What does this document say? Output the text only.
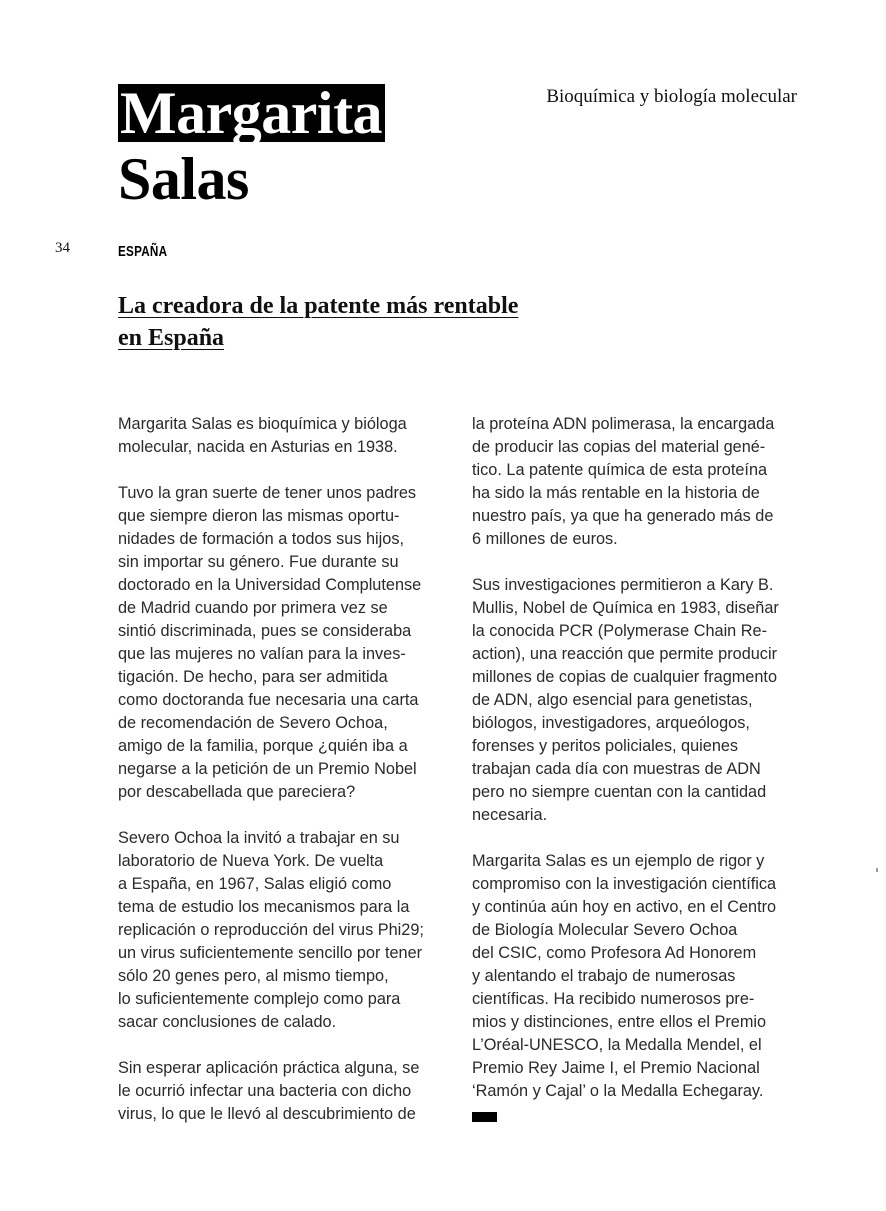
Bioquímica y biología molecular
Margarita
Salas
34	ESPAÑA
La creadora de la patente más rentable
en España

Margarita Salas es bioquímica y bióloga
molecular, nacida en Asturias en 1938.

Tuvo la gran suerte de tener unos padres
que siempre dieron las mismas oportu-
nidades de formación a todos sus hijos,
sin importar su género. Fue durante su
doctorado en la Universidad Complutense
de Madrid cuando por primera vez se
sintió discriminada, pues se consideraba
que las mujeres no valían para la inves-
tigación. De hecho, para ser admitida
como doctoranda fue necesaria una carta
de recomendación de Severo Ochoa,
amigo de la familia, porque ¿quién iba a
negarse a la petición de un Premio Nobel
por descabellada que pareciera?

Severo Ochoa la invitó a trabajar en su
laboratorio de Nueva York. De vuelta
a España, en 1967, Salas eligió como
tema de estudio los mecanismos para la
replicación o reproducción del virus Phi29;
un virus suficientemente sencillo por tener
sólo 20 genes pero, al mismo tiempo,
lo suficientemente complejo como para
sacar conclusiones de calado.

Sin esperar aplicación práctica alguna, se
le ocurrió infectar una bacteria con dicho
virus, lo que le llevó al descubrimiento de

la proteína ADN polimerasa, la encargada
de producir las copias del material gené-
tico. La patente química de esta proteína
ha sido la más rentable en la historia de
nuestro país, ya que ha generado más de
6 millones de euros.

Sus investigaciones permitieron a Kary B.
Mullis, Nobel de Química en 1983, diseñar
la conocida PCR (Polymerase Chain Re-
action), una reacción que permite producir
millones de copias de cualquier fragmento
de ADN, algo esencial para genetistas,
biólogos, investigadores, arqueólogos,
forenses y peritos policiales, quienes
trabajan cada día con muestras de ADN
pero no siempre cuentan con la cantidad
necesaria.

Margarita Salas es un ejemplo de rigor y
compromiso con la investigación científica
y continúa aún hoy en activo, en el Centro
de Biología Molecular Severo Ochoa
del CSIC, como Profesora Ad Honorem
y alentando el trabajo de numerosas
científicas. Ha recibido numerosos pre-
mios y distinciones, entre ellos el Premio
L’Oréal-UNESCO, la Medalla Mendel, el
Premio Rey Jaime I, el Premio Nacional
‘Ramón y Cajal’ o la Medalla Echegaray.
